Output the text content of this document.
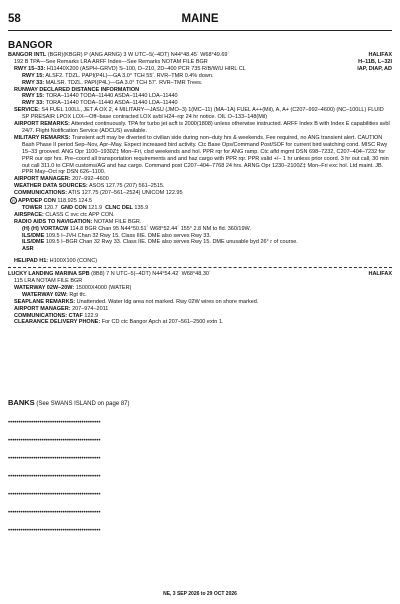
58	MAINE
BANGOR
BANGOR INTL (BGR)(KBGR) P (ANG ARNG) 3 W UTC–5(–4DT) N44°48.45´ W68°49.69´	HALIFAX
192 B TPA—See Remarks LRA ARFF Index—See Remarks NOTAM FILE BGR	H–11B, L–32I
RWY 15–33: H11440X200 (ASPH–GRVD) S–100, D–210, 2D–400 PCR 735 R/B/W/U HIRL CL	IAP, DIAP, AD
RWY 15: ALSF2. TDZL. PAPI(P4L)—GA 3.0° TCH 55’. RVR–TMR 0.4% down.
RWY 33: MALSR. TDZL. PAPI(P4L)—GA 3.0° TCH 57’. RVR–TMR Trees.
RUNWAY DECLARED DISTANCE INFORMATION
RWY 15: TORA–11440 TODA–11440 ASDA–11440 LDA–11440
RWY 33: TORA–11440 TODA–11440 ASDA–11440 LDA–11440
SERVICE: S4 FUEL 100LL, JET A OX 2, 4 MILITARY—JASU (JMO–3) 1(MC–11) (MA–1A) FUEL A++(Mil), A, A+ (C207–992–4600) (NC–100LL) FLUID SP PRESAIR LPOX LOX—Off–base contracted LOX avbl H24–rqr 24 hr notice. OIL O–133–148(Mil)
AIRPORT REMARKS: Attended continuously. TPA for turbo jet acft is 2000(1808) unless otherwise instructed. ARFF Index B with Index E capabilities avbl 24/7. Flight Notification Service (ADCUS) available.
MILITARY REMARKS: Transient acft may be diverted to civilian side during non–duty hrs & weekends. Fee required, no ANG transient alert. CAUTION Bash Phase II period Sep–Nov, Apr–May. Expect increased bird activity. Ctc Base Ops/Command Post/SOF for current bird watching cond. MISC Rwy 15–33 grooved. ANG Opr 1100–1930Z‡ Mon–Fri, clsd weekends and hol. PPR rqr for ANG ramp. Ctc afld mgmt DSN 698–7232, C207–404–7232 for PPR our opr hrs. Pre–coord all transportation requirements and and haz cargo with PPR rqr. PPR valid +/– 1 hr unless prior coord. 3 hr out call, 30 min out call 311.0 to CFM customs/AG and haz cargo. Command post C207–404–7768 24 hrs. ARNG Opr 1230–2100Z‡ Mon–Fri exc hol. Ltd maint. JB. PPR May–Oct rqr DSN 626–1100.
AIRPORT MANAGER: 207–992–4600
WEATHER DATA SOURCES: ASOS 127.75 (207) 561–2515.
COMMUNICATIONS: ATIS 127.75 (207–561–2524) UNICOM 122.95
R APP/DEP CON 118.925 124.5
TOWER 120.7 GND CON 121.9 CLNC DEL 135.9
AIRSPACE: CLASS C svc ctc APP CON.
RADIO AIDS TO NAVIGATION: NOTAM FILE BGR.
(H) (H) VORTACW 114.8 BGR Chan 95 N44°50.51´ W68°52.44´ 155° 2.8 NM to fld. 360/19W.
ILS/DME 109.5 I–JVH Chan 32 Rwy 15. Class IIIE. DME also serves Rwy 33.
ILS/DME 109.5 I–BGR Chan 32 Rwy 33. Class IIE. DME also serves Rwy 15. DME unusable byd 26° r of course.
ASR
HELIPAD H1: H100X100 (CONC)
LUCKY LANDING MARINA SPB (8B8) 7 N UTC–5(–4DT) N44°54.42´ W68°48.30´	HALIFAX
115 LRA NOTAM FILE BGR
WATERWAY 02W–20W: 15000X4000 (WATER)
WATERWAY 02W: Rgt tfc.
SEAPLANE REMARKS: Unattended. Water ldg area not marked. Rwy 02W wires on shore marked.
AIRPORT MANAGER: 207–974–2011
COMMUNICATIONS: CTAF 122.9
CLEARANCE DELIVERY PHONE: For CD ctc Bangor Apch at 207–561–2500 extn 1.
BANKS (See SWANS ISLAND on page 87)
••••••••••••••••••••••••••••••••••••••••••••
••••••••••••••••••••••••••••••••••••••••••••
••••••••••••••••••••••••••••••••••••••••••••
••••••••••••••••••••••••••••••••••••••••••••
••••••••••••••••••••••••••••••••••••••••••••
••••••••••••••••••••••••••••••••••••••••••••
••••••••••••••••••••••••••••••••••••••••••••
NE, 3 SEP 2026 to 29 OCT 2026
